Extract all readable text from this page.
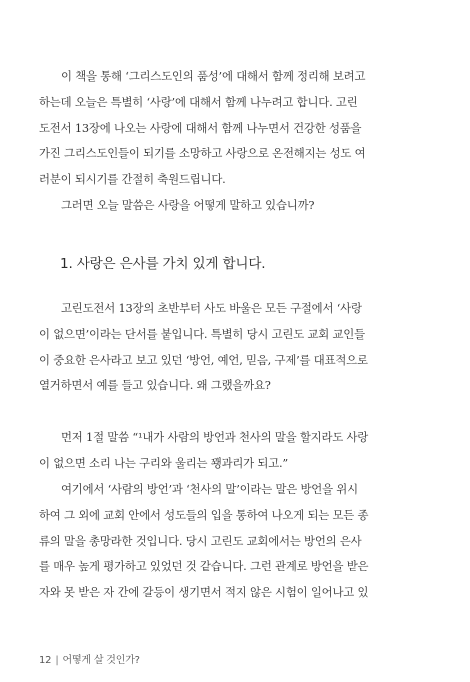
이 책을 통해 ‘그리스도인의 품성’에 대해서 함께 정리해 보려고
하는데 오늘은 특별히 ‘사랑’에 대해서 함께 나누려고 합니다. 고린
도전서 13장에 나오는 사랑에 대해서 함께 나누면서 건강한 성품을
가진 그리스도인들이 되기를 소망하고 사랑으로 온전해지는 성도 여
러분이 되시기를 간절히 축원드립니다.
그러면 오늘 말씀은 사랑을 어떻게 말하고 있습니까?
1. 사랑은 은사를 가치 있게 합니다.
고린도전서 13장의 초반부터 사도 바울은 모든 구절에서 ‘사랑
이 없으면’이라는 단서를 붙입니다. 특별히 당시 고린도 교회 교인들
이 중요한 은사라고 보고 있던 ‘방언, 예언, 믿음, 구제’를 대표적으로
열거하면서 예를 들고 있습니다. 왜 그랬을까요?
먼저 1절 말씀 “¹내가 사람의 방언과 천사의 말을 할지라도 사랑
이 없으면 소리 나는 구리와 울리는 꽹과리가 되고.”
여기에서 ‘사람의 방언’과 ‘천사의 말’이라는 말은 방언을 위시
하여 그 외에 교회 안에서 성도들의 입을 통하여 나오게 되는 모든 종
류의 말을 총망라한 것입니다. 당시 고린도 교회에서는 방언의 은사
를 매우 높게 평가하고 있었던 것 같습니다. 그런 관계로 방언을 받은
자와 못 받은 자 간에 갈등이 생기면서 적지 않은 시험이 일어나고 있
12 | 어떻게 살 것인가?
